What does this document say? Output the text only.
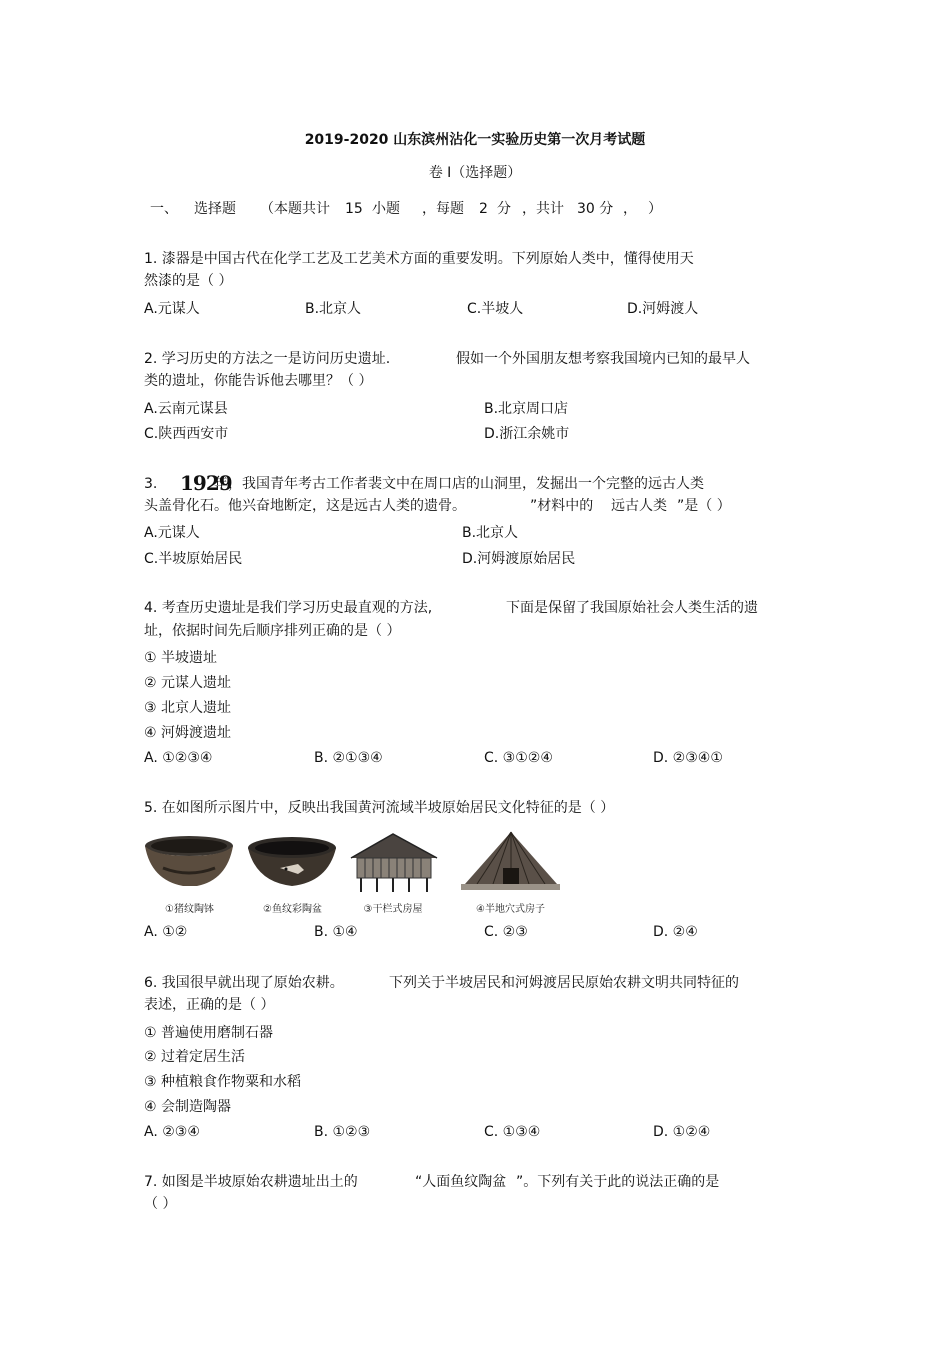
2019-2020 山东滨州沾化一实验历史第一次月考试题
卷 I（选择题）
一、 选择题 （本题共计 15 小题 ，每题 2 分 ，共计 30 分 ， ）
1. 漆器是中国古代在化学工艺及工艺美术方面的重要发明。下列原始人类中，懂得使用天
然漆的是（ ）
A.元谋人	B.北京人	C.半坡人	D.河姆渡人
2. 学习历史的方法之一是访问历史遗址.	假如一个外国朋友想考察我国境内已知的最早人
类的遗址，你能告诉他去哪里？（ ）
A.云南元谋县	B.北京周口店
C.陕西西安市	D.浙江余姚市
3. 1929
年，我国青年考古工作者裴文中在周口店的山洞里，发掘出一个完整的远古人类
头盖骨化石。他兴奋地断定，这是远古人类的遗骨。	”材料中的 远古人类 ”是（ ）
A.元谋人	B.北京人
C.半坡原始居民	D.河姆渡原始居民
4. 考查历史遗址是我们学习历史最直观的方法,	下面是保留了我国原始社会人类生活的遗
址，依据时间先后顺序排列正确的是（ ）
① 半坡遗址
② 元谋人遗址
③ 北京人遗址
④ 河姆渡遗址
A. ①②③④	B. ②①③④	C. ③①②④	D. ②③④①
5. 在如图所示图片中，反映出我国黄河流域半坡原始居民文化特征的是（ ）
①猪纹陶钵	②鱼纹彩陶盆	③干栏式房屋	④半地穴式房子
A. ①②	B. ①④	C. ②③	D. ②④
6. 我国很早就出现了原始农耕。	下列关于半坡居民和河姆渡居民原始农耕文明共同特征的
表述，正确的是（ ）
① 普遍使用磨制石器
② 过着定居生活
③ 种植粮食作物粟和水稻
④ 会制造陶器
A. ②③④	B. ①②③	C. ①③④	D. ①②④
7. 如图是半坡原始农耕遗址出土的	“人面鱼纹陶盆 ”。下列有关于此的说法正确的是
（ ）
